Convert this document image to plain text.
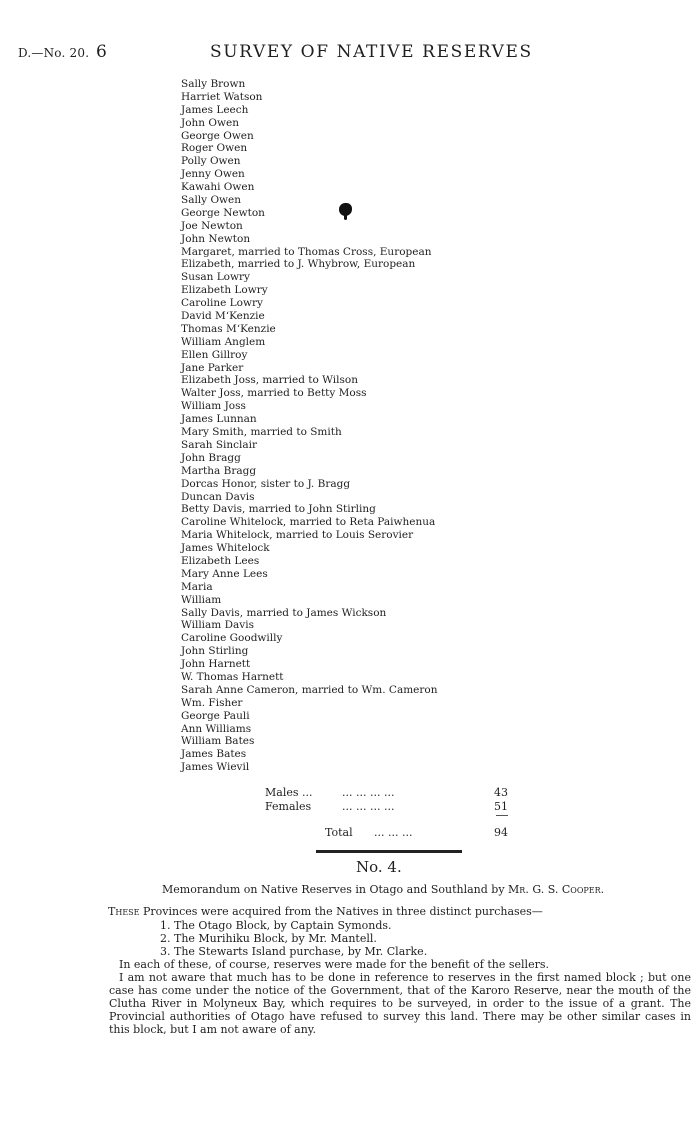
D.—No. 20. 6	SURVEY OF NATIVE RESERVES
Sally Brown
Harriet Watson
James Leech
John Owen
George Owen
Roger Owen
Polly Owen
Jenny Owen
Kawahi Owen
Sally Owen
George Newton
Joe Newton
John Newton
Margaret, married to Thomas Cross, European
Elizabeth, married to J. Whybrow, European
Susan Lowry
Elizabeth Lowry
Caroline Lowry
David M‘Kenzie
Thomas M‘Kenzie
William Anglem
Ellen Gillroy
Jane Parker
Elizabeth Joss, married to Wilson
Walter Joss, married to Betty Moss
William Joss
James Lunnan
Mary Smith, married to Smith
Sarah Sinclair
John Bragg
Martha Bragg
Dorcas Honor, sister to J. Bragg
Duncan Davis
Betty Davis, married to John Stirling
Caroline Whitelock, married to Reta Paiwhenua
Maria Whitelock, married to Louis Serovier
James Whitelock
Elizabeth Lees
Mary Anne Lees
Maria
William
Sally Davis, married to James Wickson
William Davis
Caroline Goodwilly
John Stirling
John Harnett
W. Thomas Harnett
Sarah Anne Cameron, married to Wm. Cameron
Wm. Fisher
George Pauli
Ann Williams
William Bates
James Bates
James Wievil
Males ...	... ... ... ...	43
Females	... ... ... ...	51
Total ... ... ...	94
No. 4.
Memorandum on Native Reserves in Otago and Southland by Mr. G. S. Cooper.
These Provinces were acquired from the Natives in three distinct purchases—
1. The Otago Block, by Captain Symonds.
2. The Murihiku Block, by Mr. Mantell.
3. The Stewarts Island purchase, by Mr. Clarke.
In each of these, of course, reserves were made for the benefit of the sellers.
I am not aware that much has to be done in reference to reserves in the first named block ; but one
case has come under the notice of the Government, that of the Karoro Reserve, near the mouth of the
Clutha River in Molyneux Bay, which requires to be surveyed, in order to the issue of a grant. The
Provincial authorities of Otago have refused to survey this land. There may be other similar cases in
this block, but I am not aware of any.
